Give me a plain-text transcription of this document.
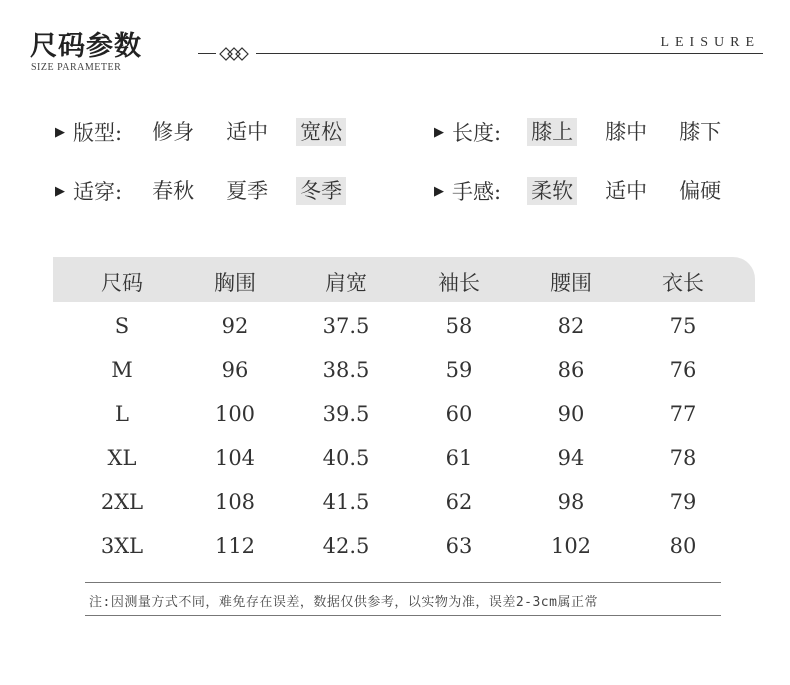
尺码参数
SIZE PARAMETER
LEISURE
▶ 版型: 修身 适中 宽松	▶ 长度: 膝上 膝中 膝下
▶ 适穿: 春秋 夏季 冬季	▶ 手感: 柔软 适中 偏硬
尺码	胸围	肩宽	袖长	腰围	衣长
S	92	37.5	58	82	75
M	96	38.5	59	86	76
L	100	39.5	60	90	77
XL	104	40.5	61	94	78
2XL	108	41.5	62	98	79
3XL	112	42.5	63	102	80
注:因测量方式不同，难免存在误差，数据仅供参考，以实物为准，误差2-3cm属正常
